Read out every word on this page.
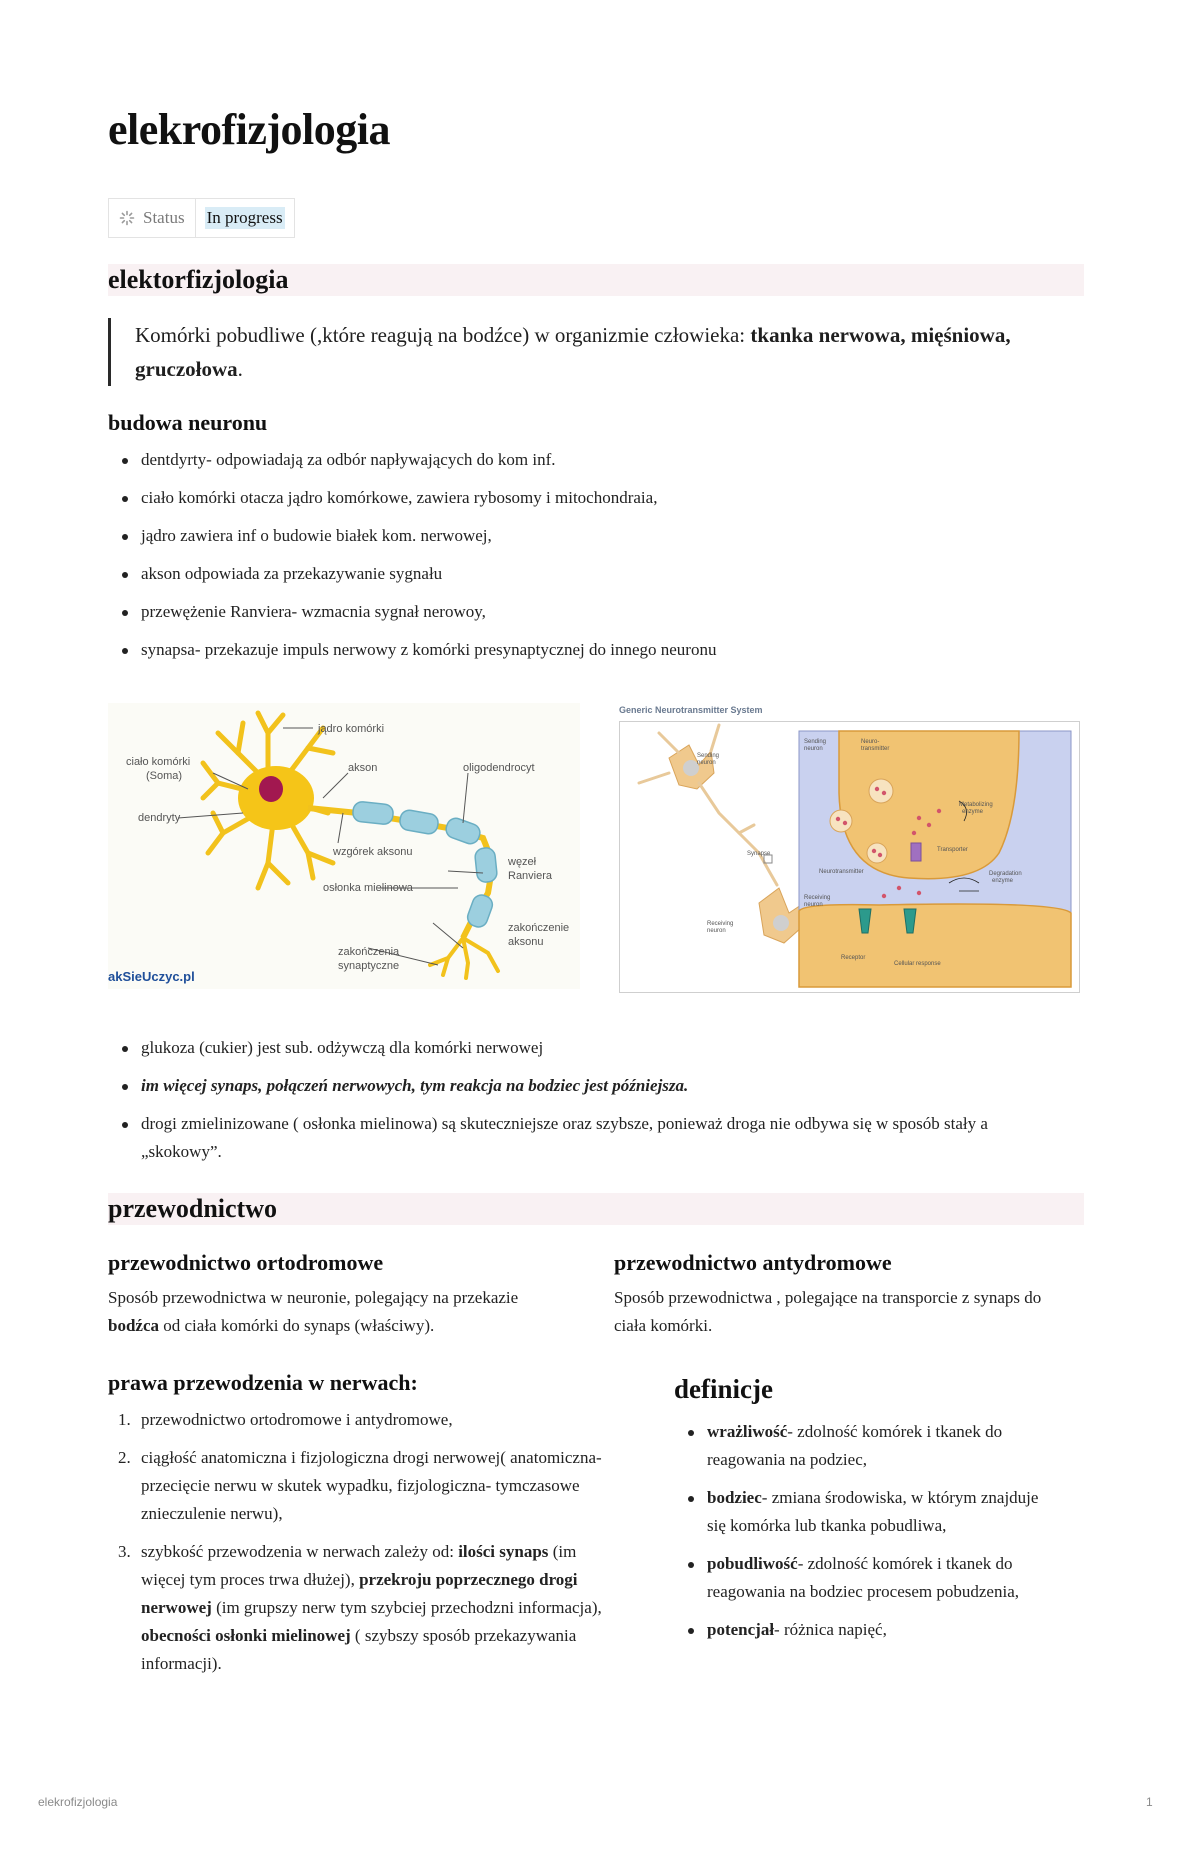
elekrofizjologia
Status In progress
elektorfizjologia
Komórki pobudliwe (,które reagują na bodźce) w organizmie człowieka: tkanka nerwowa, mięśniowa, gruczołowa.
budowa neuronu
dentdyrty- odpowiadają za odbór napływających do kom inf.
ciało komórki otacza jądro komórkowe, zawiera rybosomy i mitochondraia,
jądro zawiera inf o budowie białek kom. nerwowej,
akson odpowiada za przekazywanie sygnału
przewężenie Ranviera- wzmacnia sygnał nerowoy,
synapsa- przekazuje impuls nerwowy z komórki presynaptycznej do innego neuronu
jądro komórki
ciało komórki
(Soma)
akson	oligodendrocyt
dendryty
wzgórek aksonu
węzeł
Ranviera
osłonka mielinowa
zakończenie
aksonu
zakończenia
synaptyczne
akSieUczyc.pl
Generic Neurotransmitter System
Sending
neuron
Synapse
Receiving
neuron
Sending
neuron
Neuro-
transmitter
Metabolizing
enzyme
Transporter
Neurotransmitter	Degradation
enzyme
Receiving
neuron
Receptor
Cellular response
glukoza (cukier) jest sub. odżywczą dla komórki nerwowej
im więcej synaps, połączeń nerwowych, tym reakcja na bodziec jest późniejsza.
drogi zmielinizowane ( osłonka mielinowa) są skuteczniejsze oraz szybsze, ponieważ droga nie odbywa się w sposób stały a
„skokowy”.
przewodnictwo
przewodnictwo ortodromowe
Sposób przewodnictwa w neuronie, polegający na przekazie
bodźca od ciała komórki do synaps (właściwy).
przewodnictwo antydromowe
Sposób przewodnictwa , polegające na transporcie z synaps do
ciała komórki.
prawa przewodzenia w nerwach:
1. przewodnictwo ortodromowe i antydromowe,
2. ciągłość anatomiczna i fizjologiczna drogi nerwowej( anatomiczna-
przecięcie nerwu w skutek wypadku, fizjologiczna- tymczasowe
znieczulenie nerwu),
3. szybkość przewodzenia w nerwach zależy od: ilości synaps (im
więcej tym proces trwa dłużej), przekroju poprzecznego drogi
nerwowej (im grupszy nerw tym szybciej przechodzni informacja),
obecności osłonki mielinowej ( szybszy sposób przekazywania
informacji).
definicje
wrażliwość- zdolność komórek i tkanek do
reagowania na podziec,
bodziec- zmiana środowiska, w którym znajduje
się komórka lub tkanka pobudliwa,
pobudliwość- zdolność komórek i tkanek do
reagowania na bodziec procesem pobudzenia,
potencjał- różnica napięć,
elekrofizjologia	1
